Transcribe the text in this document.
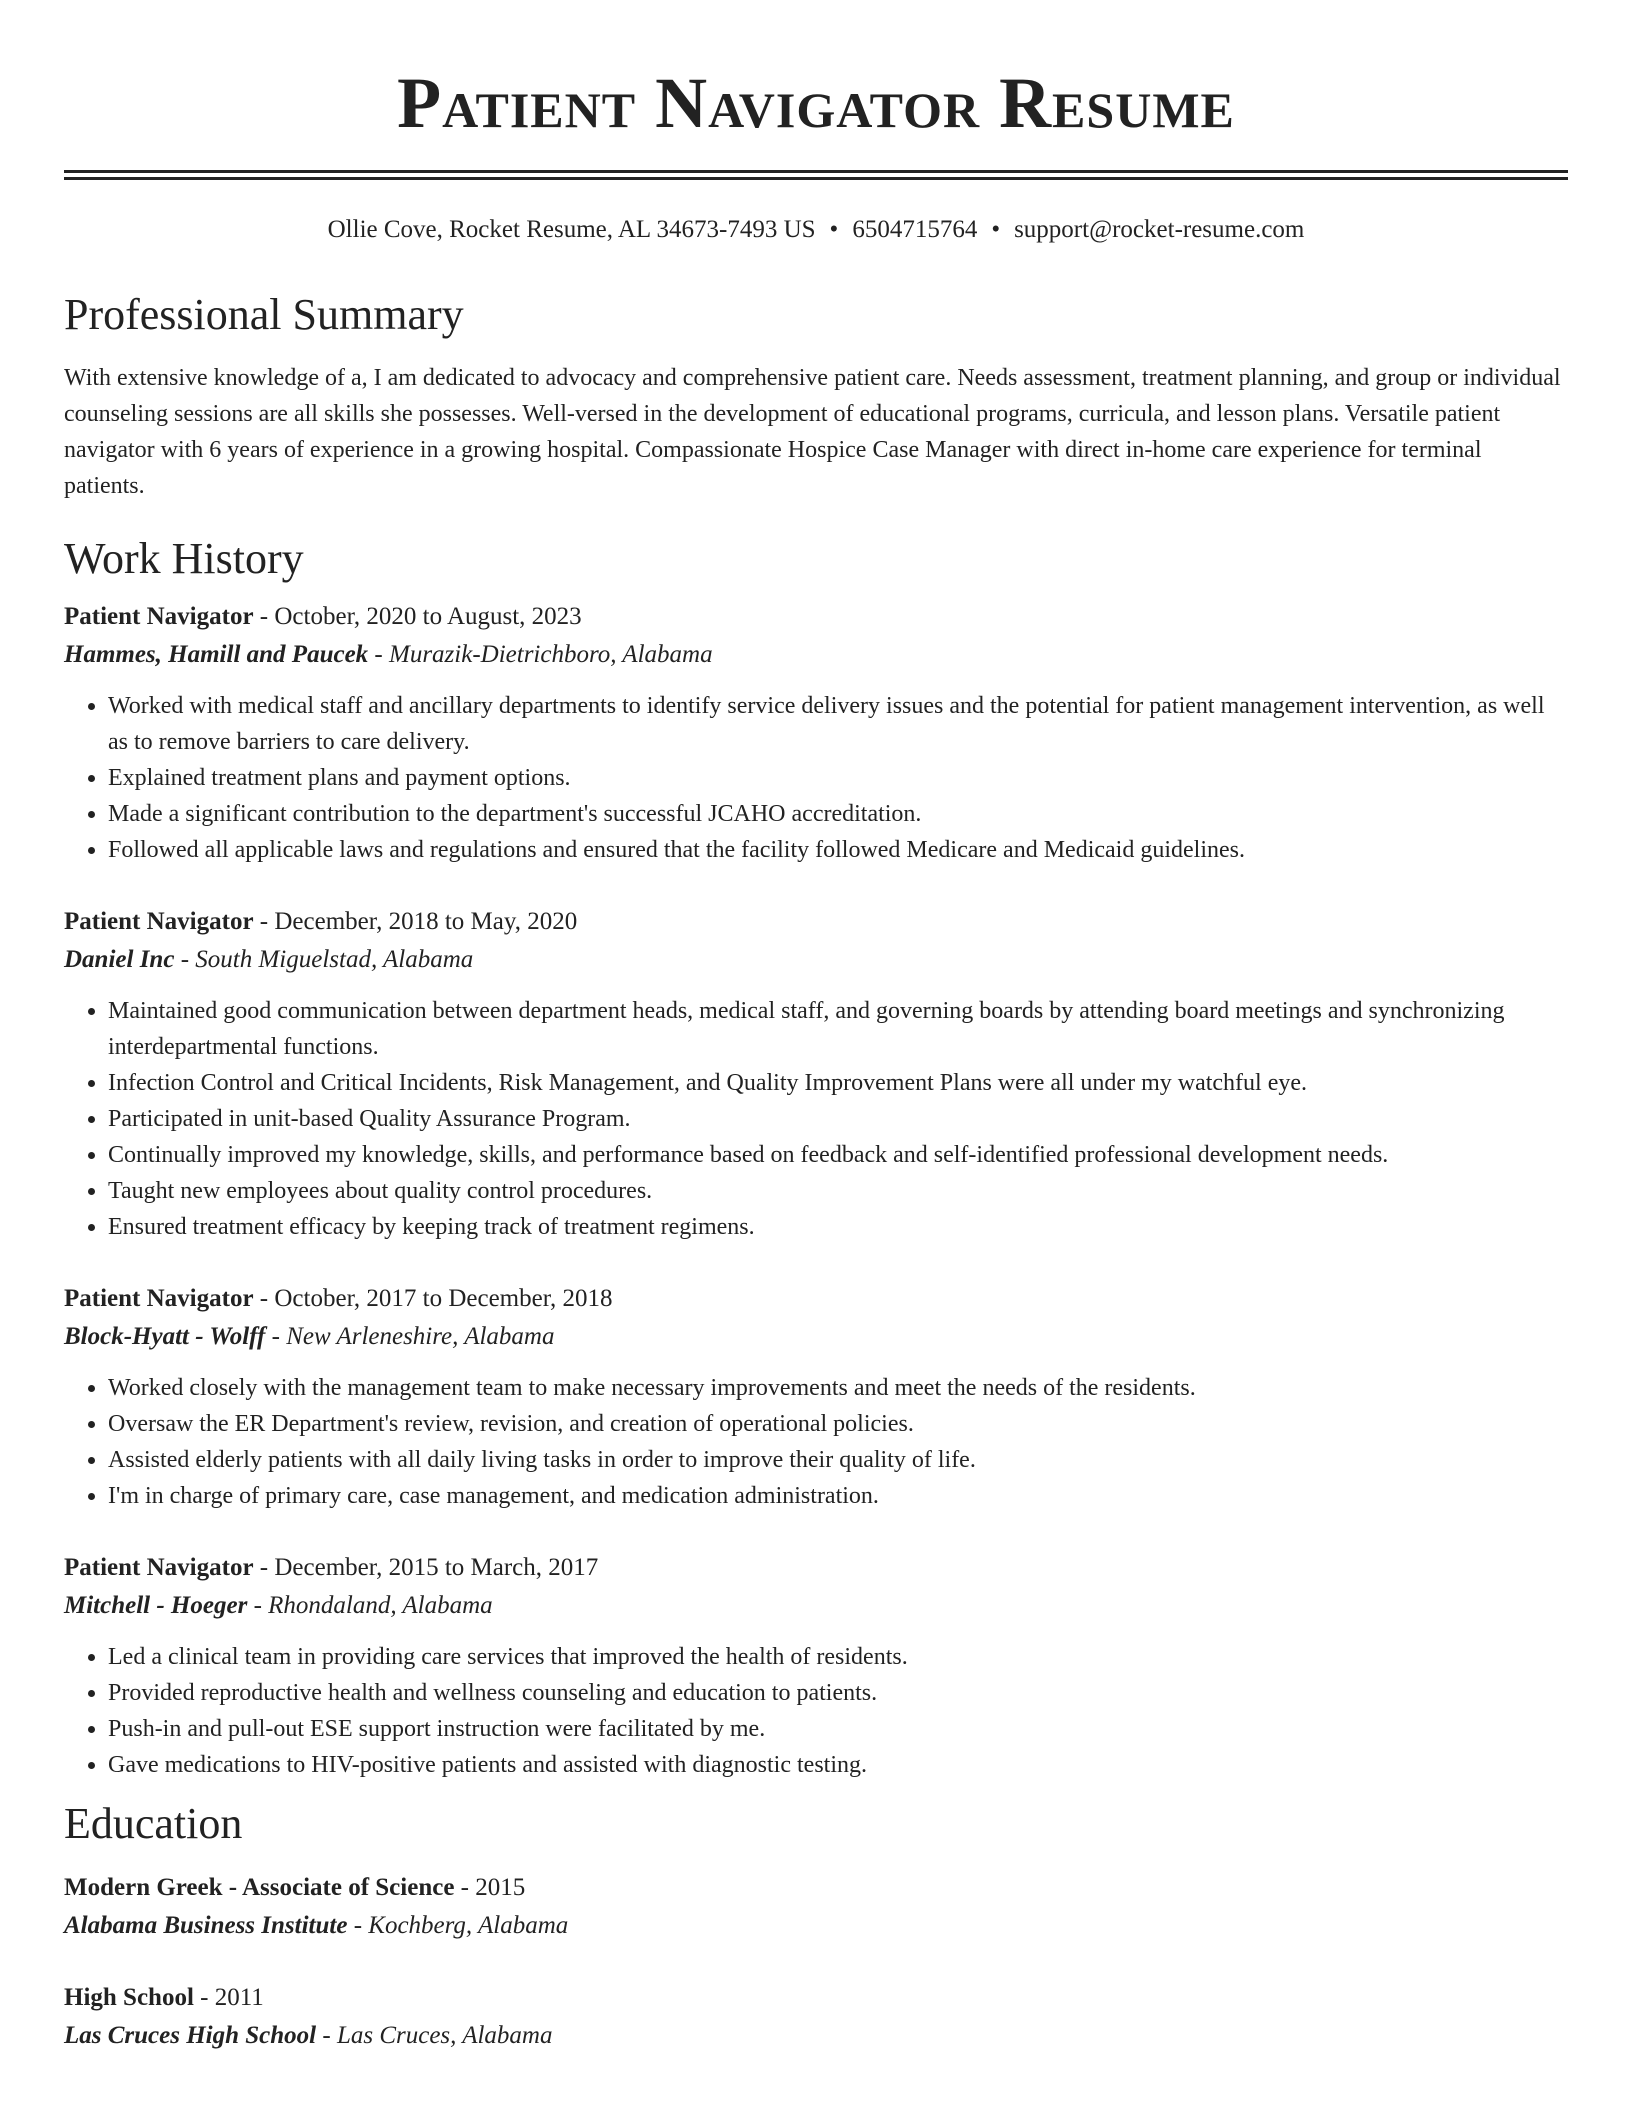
Patient Navigator Resume
Ollie Cove, Rocket Resume, AL 34673-7493 US • 6504715764 • support@rocket-resume.com
Professional Summary

With extensive knowledge of a, I am dedicated to advocacy and comprehensive patient care. Needs assessment, treatment planning, and group or individual counseling sessions are all skills she possesses. Well-versed in the development of educational programs, curricula, and lesson plans. Versatile patient navigator with 6 years of experience in a growing hospital. Compassionate Hospice Case Manager with direct in-home care experience for terminal patients.

Work History
Patient Navigator - October, 2020 to August, 2023
Hammes, Hamill and Paucek - Murazik-Dietrichboro, Alabama
• Worked with medical staff and ancillary departments to identify service delivery issues and the potential for patient management intervention, as well as to remove barriers to care delivery.
• Explained treatment plans and payment options.
• Made a significant contribution to the department's successful JCAHO accreditation.
• Followed all applicable laws and regulations and ensured that the facility followed Medicare and Medicaid guidelines.
Patient Navigator - December, 2018 to May, 2020
Daniel Inc - South Miguelstad, Alabama
• Maintained good communication between department heads, medical staff, and governing boards by attending board meetings and synchronizing interdepartmental functions.
• Infection Control and Critical Incidents, Risk Management, and Quality Improvement Plans were all under my watchful eye.
• Participated in unit-based Quality Assurance Program.
• Continually improved my knowledge, skills, and performance based on feedback and self-identified professional development needs.
• Taught new employees about quality control procedures.
• Ensured treatment efficacy by keeping track of treatment regimens.
Patient Navigator - October, 2017 to December, 2018
Block-Hyatt - Wolff - New Arleneshire, Alabama
• Worked closely with the management team to make necessary improvements and meet the needs of the residents.
• Oversaw the ER Department's review, revision, and creation of operational policies.
• Assisted elderly patients with all daily living tasks in order to improve their quality of life.
• I'm in charge of primary care, case management, and medication administration.
Patient Navigator - December, 2015 to March, 2017
Mitchell - Hoeger - Rhondaland, Alabama
• Led a clinical team in providing care services that improved the health of residents.
• Provided reproductive health and wellness counseling and education to patients.
• Push-in and pull-out ESE support instruction were facilitated by me.
• Gave medications to HIV-positive patients and assisted with diagnostic testing.
Education
Modern Greek - Associate of Science - 2015
Alabama Business Institute - Kochberg, Alabama
High School - 2011
Las Cruces High School - Las Cruces, Alabama
